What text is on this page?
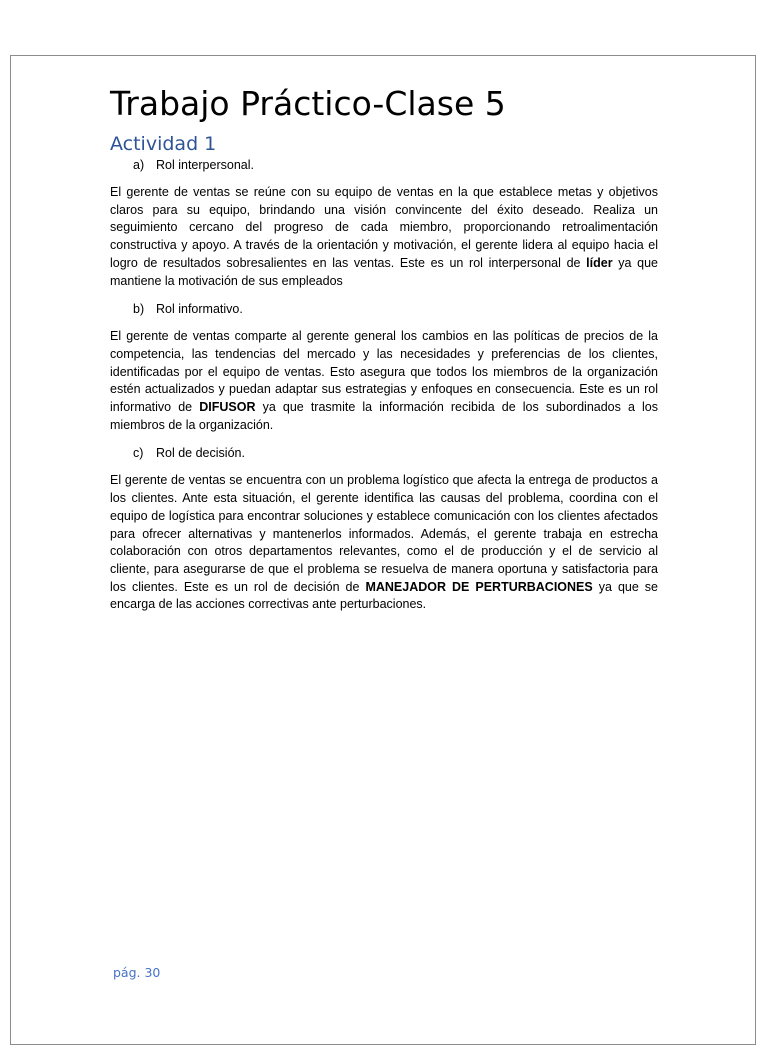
Trabajo Práctico-Clase 5
Actividad 1
a) Rol interpersonal.

El gerente de ventas se reúne con su equipo de ventas en la que establece metas y objetivos claros para su equipo, brindando una visión convincente del éxito deseado. Realiza un seguimiento cercano del progreso de cada miembro, proporcionando retroalimentación constructiva y apoyo. A través de la orientación y motivación, el gerente lidera al equipo hacia el logro de resultados sobresalientes en las ventas. Este es un rol interpersonal de líder ya que mantiene la motivación de sus empleados

b) Rol informativo.

El gerente de ventas comparte al gerente general los cambios en las políticas de precios de la competencia, las tendencias del mercado y las necesidades y preferencias de los clientes, identificadas por el equipo de ventas. Esto asegura que todos los miembros de la organización estén actualizados y puedan adaptar sus estrategias y enfoques en consecuencia. Este es un rol informativo de DIFUSOR ya que trasmite la información recibida de los subordinados a los miembros de la organización.

c) Rol de decisión.

El gerente de ventas se encuentra con un problema logístico que afecta la entrega de productos a los clientes. Ante esta situación, el gerente identifica las causas del problema, coordina con el equipo de logística para encontrar soluciones y establece comunicación con los clientes afectados para ofrecer alternativas y mantenerlos informados. Además, el gerente trabaja en estrecha colaboración con otros departamentos relevantes, como el de producción y el de servicio al cliente, para asegurarse de que el problema se resuelva de manera oportuna y satisfactoria para los clientes. Este es un rol de decisión de MANEJADOR DE PERTURBACIONES ya que se encarga de las acciones correctivas ante perturbaciones.

pág. 30
